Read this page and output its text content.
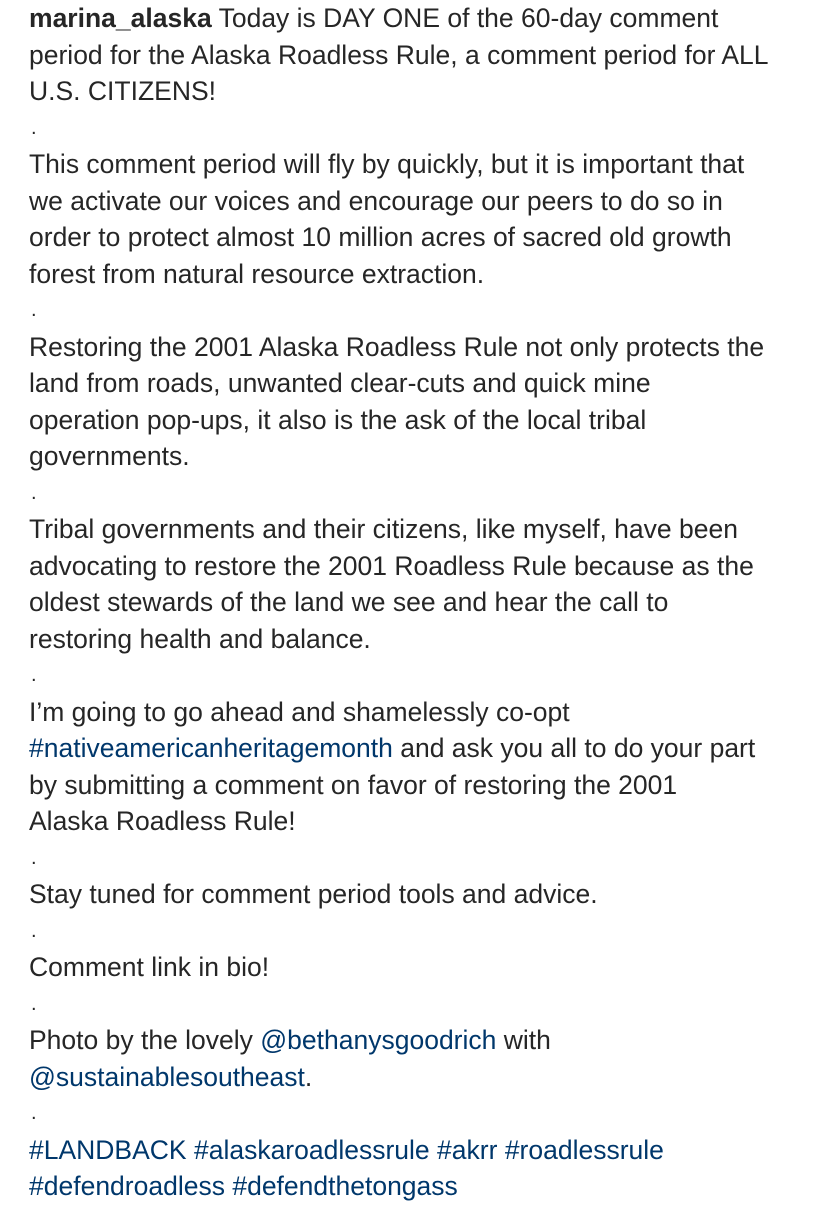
marina_alaska Today is DAY ONE of the 60-day comment
period for the Alaska Roadless Rule, a comment period for ALL
U.S. CITIZENS!
.
This comment period will fly by quickly, but it is important that
we activate our voices and encourage our peers to do so in
order to protect almost 10 million acres of sacred old growth
forest from natural resource extraction.
.
Restoring the 2001 Alaska Roadless Rule not only protects the
land from roads, unwanted clear-cuts and quick mine
operation pop-ups, it also is the ask of the local tribal
governments.
.
Tribal governments and their citizens, like myself, have been
advocating to restore the 2001 Roadless Rule because as the
oldest stewards of the land we see and hear the call to
restoring health and balance.
.
I’m going to go ahead and shamelessly co-opt
#nativeamericanheritagemonth and ask you all to do your part
by submitting a comment on favor of restoring the 2001
Alaska Roadless Rule!
.
Stay tuned for comment period tools and advice.
.
Comment link in bio!
.
Photo by the lovely @bethanysgoodrich with
@sustainablesoutheast.
.
#LANDBACK #alaskaroadlessrule #akrr #roadlessrule
#defendroadless #defendthetongass
